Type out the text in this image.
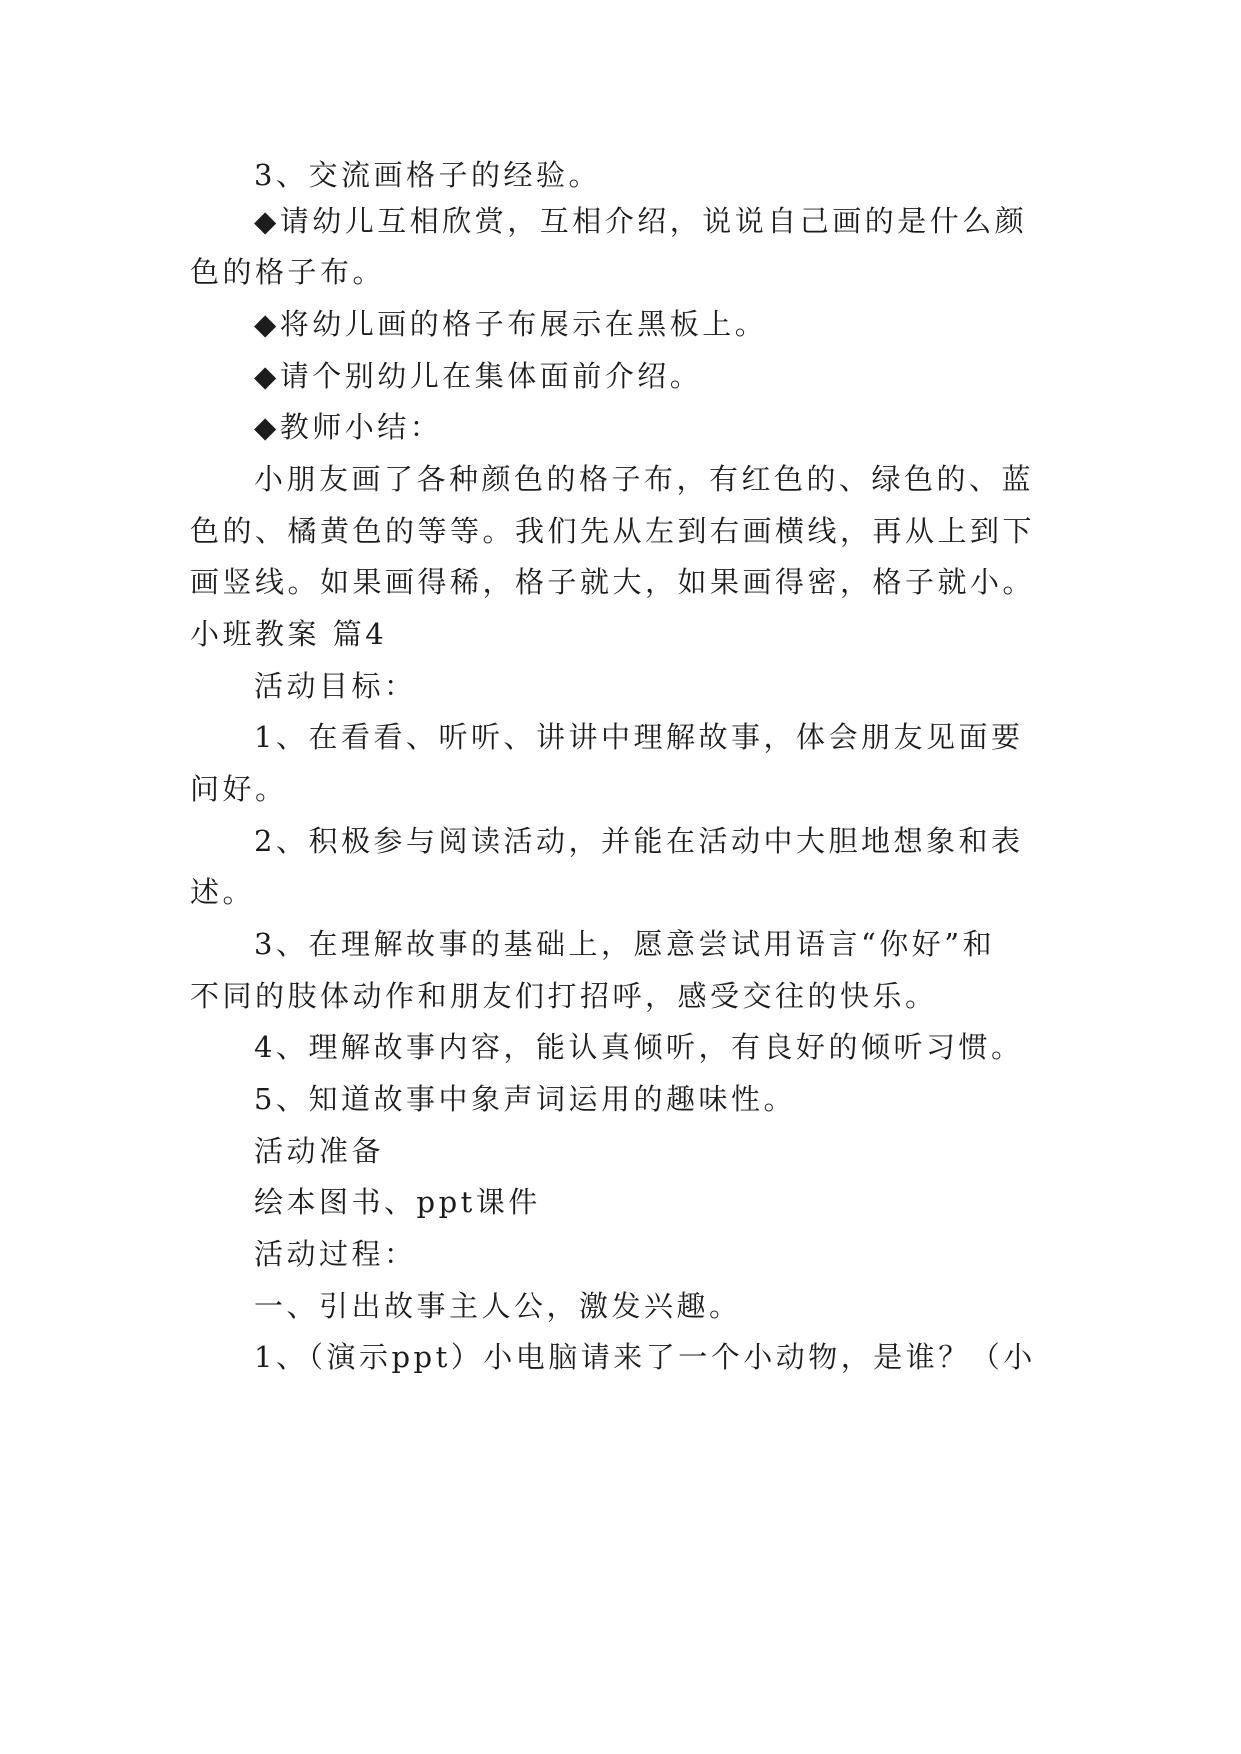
3、交流画格子的经验。
◆请幼儿互相欣赏，互相介绍，说说自己画的是什么颜
色的格子布。
◆将幼儿画的格子布展示在黑板上。
◆请个别幼儿在集体面前介绍。
◆教师小结：
小朋友画了各种颜色的格子布，有红色的、绿色的、蓝
色的、橘黄色的等等。我们先从左到右画横线，再从上到下
画竖线。如果画得稀，格子就大，如果画得密，格子就小。
小班教案 篇4
活动目标：
1、在看看、听听、讲讲中理解故事，体会朋友见面要
问好。
2、积极参与阅读活动，并能在活动中大胆地想象和表
述。
3、在理解故事的基础上，愿意尝试用语言“你好”和
不同的肢体动作和朋友们打招呼，感受交往的快乐。
4、理解故事内容，能认真倾听，有良好的倾听习惯。
5、知道故事中象声词运用的趣味性。
活动准备
绘本图书、ppt课件
活动过程：
一、引出故事主人公，激发兴趣。
1、（演示ppt）小电脑请来了一个小动物，是谁？（小
